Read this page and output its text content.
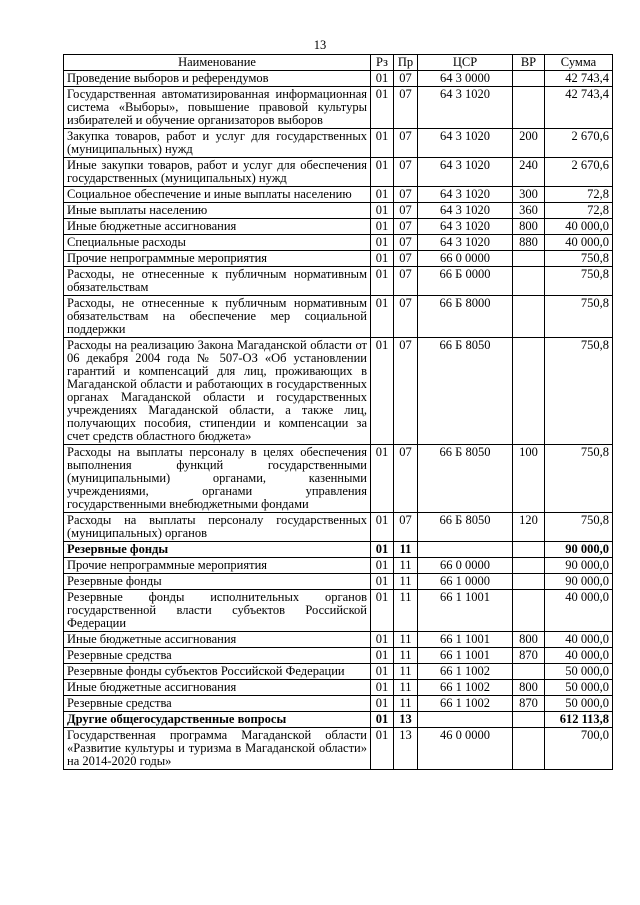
13
Наименование	Рз	Пр	ЦСР	ВР	Сумма
Проведение выборов и референдумов	01	07	64 3 0000		42 743,4
Государственная автоматизированная информационная система «Выборы», повышение правовой культуры избирателей и обучение организаторов выборов	01	07	64 3 1020		42 743,4
Закупка товаров, работ и услуг для государственных (муниципальных) нужд	01	07	64 3 1020	200	2 670,6
Иные закупки товаров, работ и услуг для обеспечения государственных (муниципальных) нужд	01	07	64 3 1020	240	2 670,6
Социальное обеспечение и иные выплаты населению	01	07	64 3 1020	300	72,8
Иные выплаты населению	01	07	64 3 1020	360	72,8
Иные бюджетные ассигнования	01	07	64 3 1020	800	40 000,0
Специальные расходы	01	07	64 3 1020	880	40 000,0
Прочие непрограммные мероприятия	01	07	66 0 0000		750,8
Расходы, не отнесенные к публичным нормативным обязательствам	01	07	66 Б 0000		750,8
Расходы, не отнесенные к публичным нормативным обязательствам на обеспечение мер социальной поддержки	01	07	66 Б 8000		750,8
Расходы на реализацию Закона Магаданской области от 06 декабря 2004 года № 507-ОЗ «Об установлении гарантий и компенсаций для лиц, проживающих в Магаданской области и работающих в государственных органах Магаданской области и государственных учреждениях Магаданской области, а также лиц, получающих пособия, стипендии и компенсации за счет средств областного бюджета»	01	07	66 Б 8050		750,8
Расходы на выплаты персоналу в целях обеспечения выполнения функций государственными (муниципальными) органами, казенными учреждениями, органами управления государственными внебюджетными фондами	01	07	66 Б 8050	100	750,8
Расходы на выплаты персоналу государственных (муниципальных) органов	01	07	66 Б 8050	120	750,8
Резервные фонды	01	11			90 000,0
Прочие непрограммные мероприятия	01	11	66 0 0000		90 000,0
Резервные фонды	01	11	66 1 0000		90 000,0
Резервные фонды исполнительных органов государственной власти субъектов Российской Федерации	01	11	66 1 1001		40 000,0
Иные бюджетные ассигнования	01	11	66 1 1001	800	40 000,0
Резервные средства	01	11	66 1 1001	870	40 000,0
Резервные фонды субъектов Российской Федерации	01	11	66 1 1002		50 000,0
Иные бюджетные ассигнования	01	11	66 1 1002	800	50 000,0
Резервные средства	01	11	66 1 1002	870	50 000,0
Другие общегосударственные вопросы	01	13			612 113,8
Государственная программа Магаданской области «Развитие культуры и туризма в Магаданской области» на 2014-2020 годы»	01	13	46 0 0000		700,0
